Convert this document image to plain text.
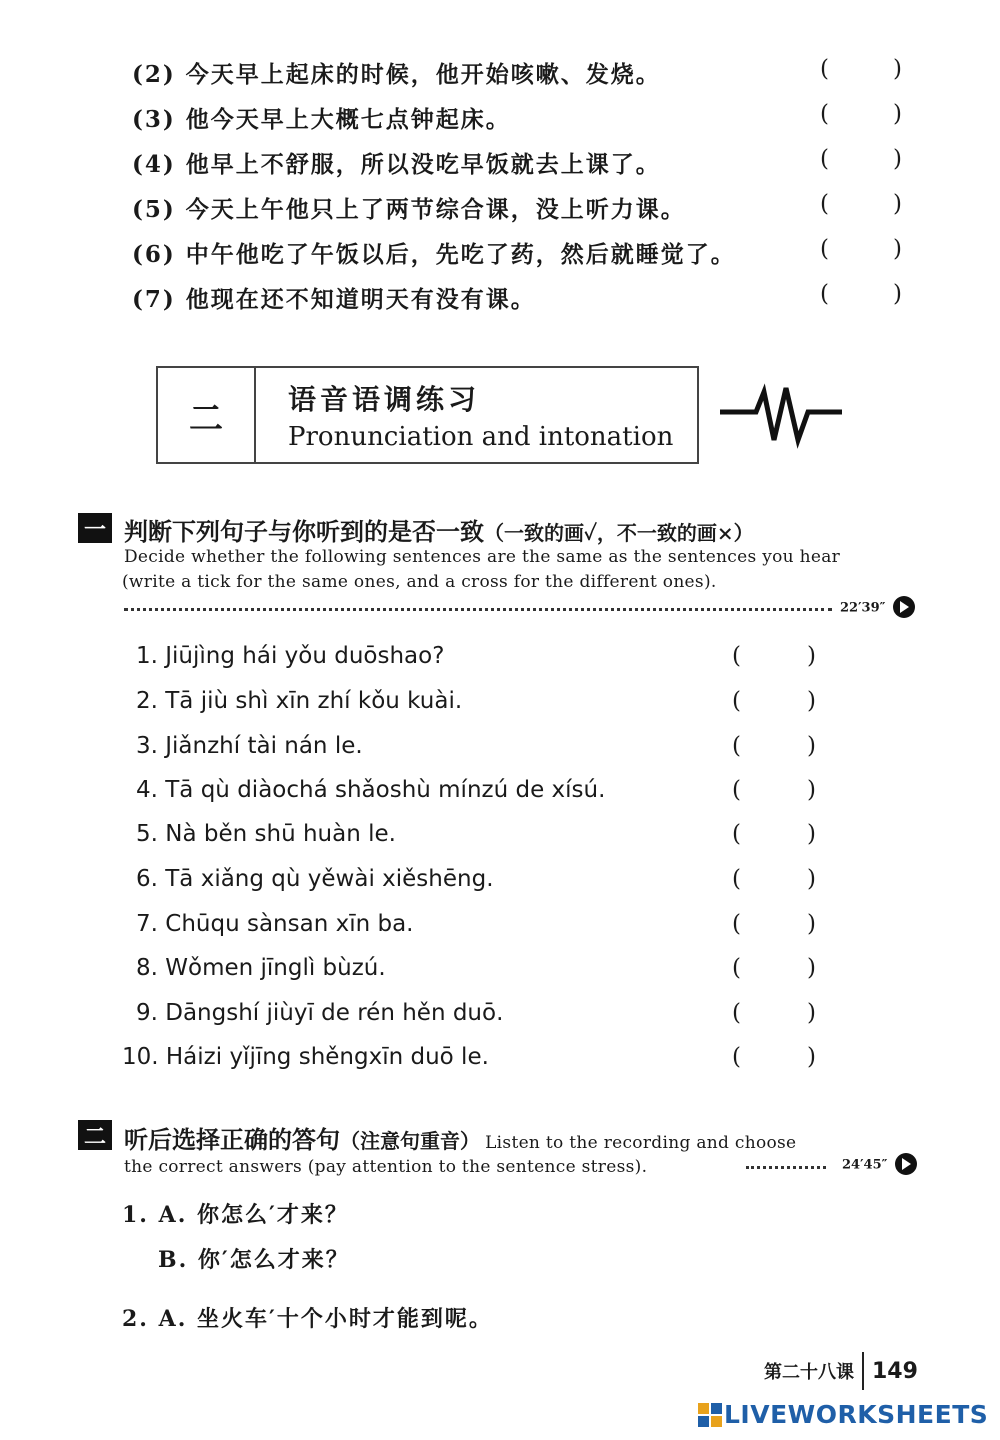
(2) 今天早上起床的时候，他开始咳嗽、发烧。	(	)
(3) 他今天早上大概七点钟起床。	(	)
(4) 他早上不舒服，所以没吃早饭就去上课了。	(	)
(5) 今天上午他只上了两节综合课，没上听力课。	(	)
(6) 中午他吃了午饭以后，先吃了药，然后就睡觉了。	(	)
(7) 他现在还不知道明天有没有课。	(	)
二	语音语调练习
Pronunciation and intonation
一 判断下列句子与你听到的是否一致（一致的画✓，不一致的画×）
Decide whether the following sentences are the same as the sentences you hear
(write a tick for the same ones, and a cross for the different ones).
22′39″
1. Jiūjìng hái yǒu duōshao?	(	)
2. Tā jiù shì xīn zhí kǒu kuài.	(	)
3. Jiǎnzhí tài nán le.	(	)
4. Tā qù diàochá shǎoshù mínzú de xísú.	(	)
5. Nà běn shū huàn le.	(	)
6. Tā xiǎng qù yěwài xiěshēng.	(	)
7. Chūqu sànsan xīn ba.	(	)
8. Wǒmen jīnglì bùzú.	(	)
9. Dāngshí jiùyī de rén hěn duō.	(	)
10. Háizi yǐjīng shěngxīn duō le.	(	)
二 听后选择正确的答句（注意句重音） Listen to the recording and choose
the correct answers (pay attention to the sentence stress).	24′45″
1. A. 你怎么′才来？
B. 你′怎么才来？
2. A. 坐火车′十个小时才能到呢。
第二十八课 149
LIVEWORKSHEETS
